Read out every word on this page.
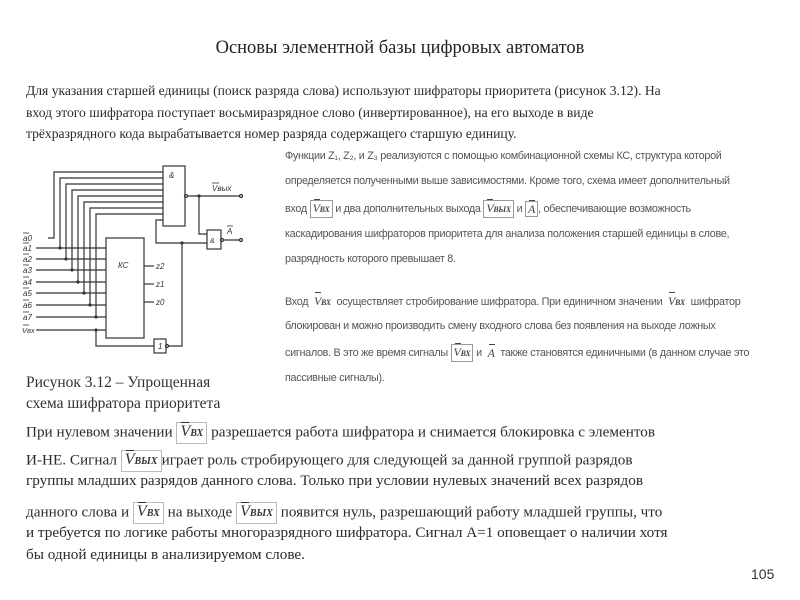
Основы элементной базы цифровых автоматов
Для указания старшей единицы (поиск разряда слова) используют шифраторы приоритета (рисунок 3.12). На
вход этого шифратора поступает восьмиразрядное слово (инвертированное), на его выходе в виде
трёхразрядного кода вырабатывается номер разряда содержащего старшую единицу.
&
&
КС
1
z2
z1
z0
Vвых
A
a0
a1
a2
a3
a4
a5
a6
a7
Vвх
Рисунок 3.12 – Упрощенная
схема шифратора приоритета
Функции Z₁, Z₂, и Z₃ реализуются с помощью комбинационной схемы КС, структура которой
определяется полученными выше зависимостями. Кроме того, схема имеет дополнительный
вход VВХ и два дополнительных выхода VВЫХ и A , обеспечивающие возможность
каскадирования шифраторов приоритета для анализа положения старшей единицы в слове,
разрядность которого превышает 8.
Вход VВХ осуществляет стробирование шифратора. При единичном значении VВХ шифратор
блокирован и можно производить смену входного слова без появления на выходе ложных
сигналов. В это же время сигналы VВХ и A также становятся единичными (в данном случае это
пассивные сигналы).
При нулевом значении VВХ разрешается работа шифратора и снимается блокировка с элементов
И-НЕ. Сигнал VВЫХ играет роль стробирующего для следующей за данной группой разрядов
группы младших разрядов данного слова. Только при условии нулевых значений всех разрядов
данного слова и VВХ на выходе VВЫХ появится нуль, разрешающий работу младшей группы, что
и требуется по логике работы многоразрядного шифратора. Сигнал A=1 оповещает о наличии хотя
бы одной единицы в анализируемом слове.
105
